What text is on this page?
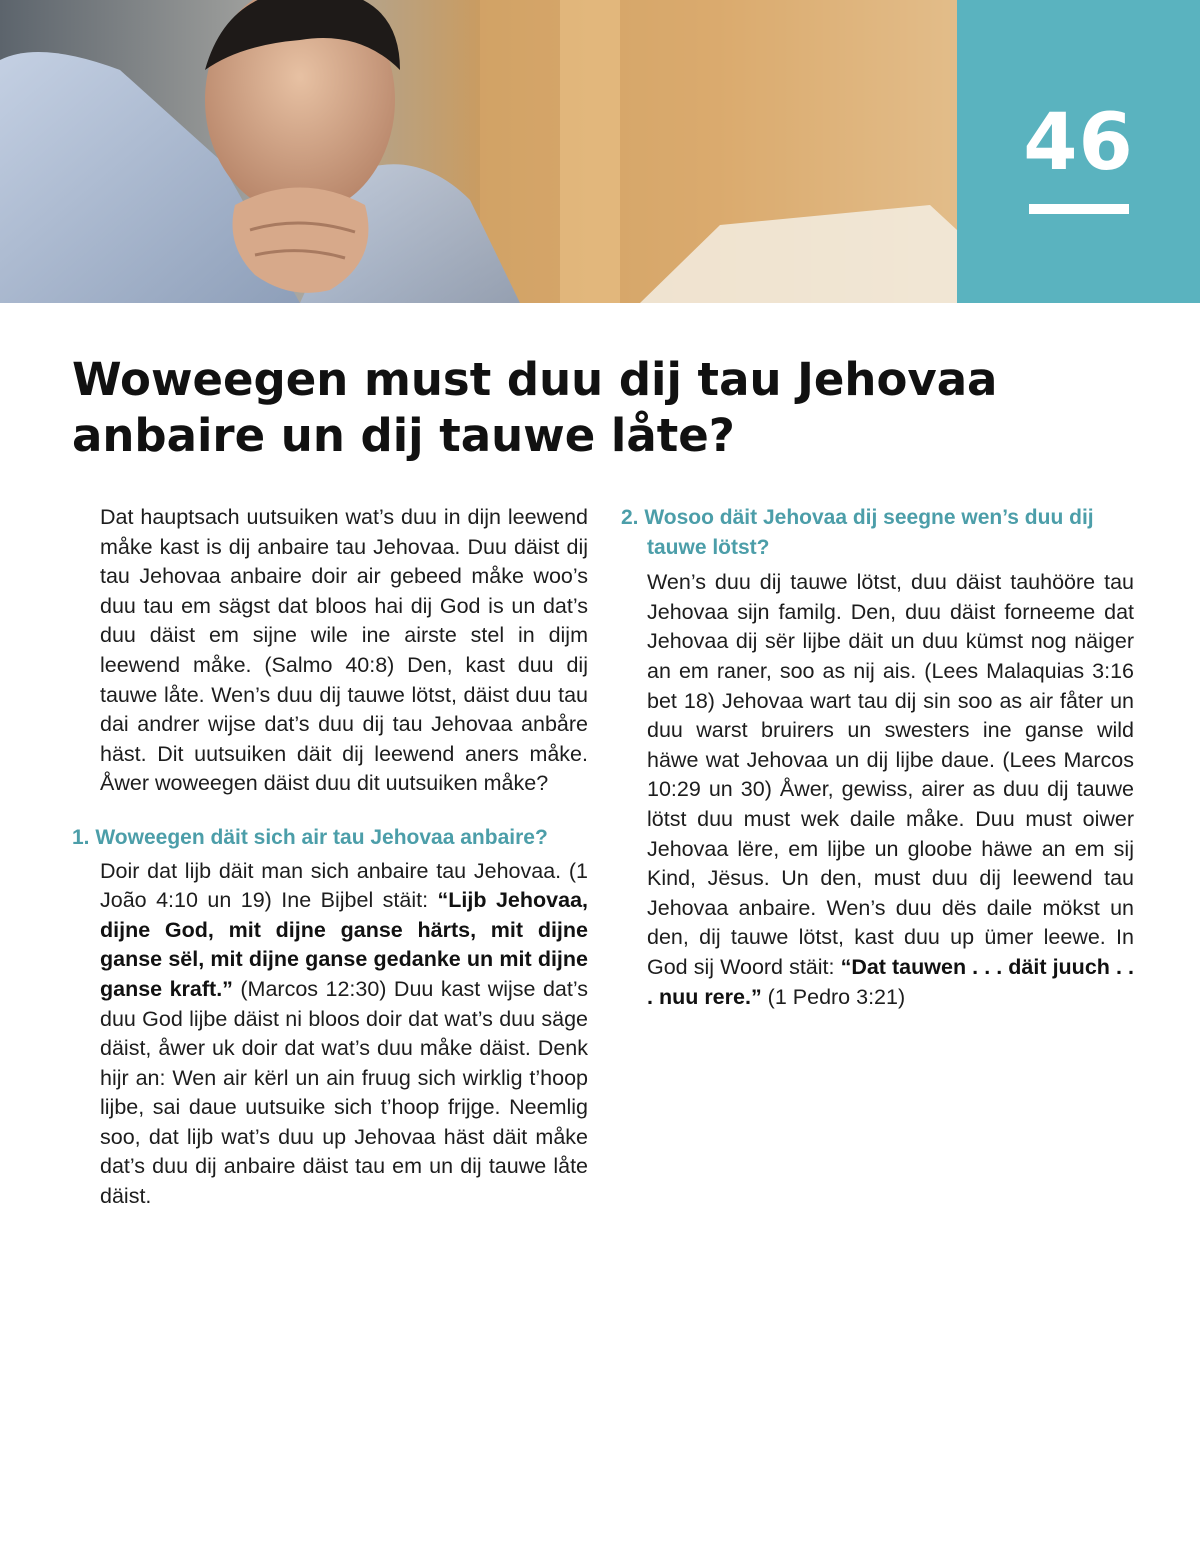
46
Woweegen must duu dij tau Jehovaa
anbaire un dij tauwe låte?

Dat hauptsach uutsuiken wat’s duu in dijn leewend måke kast is dij anbaire tau Jehovaa. Duu däist dij tau Jehovaa anbaire doir air gebeed måke woo’s duu tau em sägst dat bloos hai dij God is un dat’s duu däist em sijne wile ine airste stel in dijm leewend måke. (Salmo 40:8) Den, kast duu dij tauwe låte. Wen’s duu dij tauwe lötst, däist duu tau dai andrer wijse dat’s duu dij tau Jehovaa anbåre häst. Dit uutsuiken däit dij leewend aners måke. Åwer woweegen däist duu dit uutsuiken måke?

1. Woweegen däit sich air tau Jehovaa anbaire?

Doir dat lijb däit man sich anbaire tau Jehovaa. (1 João 4:10 un 19) Ine Bijbel stäit: “Lijb Jehovaa, dijne God, mit dijne ganse härts, mit dijne ganse sël, mit dijne ganse gedanke un mit dijne ganse kraft.” (Marcos 12:30) Duu kast wijse dat’s duu God lijbe däist ni bloos doir dat wat’s duu säge däist, åwer uk doir dat wat’s duu måke däist. Denk hijr an: Wen air kërl un ain fruug sich wirklig t’hoop lijbe, sai daue uutsuike sich t’hoop frijge. Neemlig soo, dat lijb wat’s duu up Jehovaa häst däit måke dat’s duu dij anbaire däist tau em un dij tauwe låte däist.

2. Wosoo däit Jehovaa dij seegne wen’s duu dij tauwe lötst?

Wen’s duu dij tauwe lötst, duu däist tauhööre tau Jehovaa sijn familg. Den, duu däist forneeme dat Jehovaa dij sër lijbe däit un duu kümst nog näiger an em raner, soo as nij ais. (Lees Malaquias 3:16 bet 18) Jehovaa wart tau dij sin soo as air fåter un duu warst bruirers un swesters ine ganse wild häwe wat Jehovaa un dij lijbe daue. (Lees Marcos 10:29 un 30) Åwer, gewiss, airer as duu dij tauwe lötst duu must wek daile måke. Duu must oiwer Jehovaa lëre, em lijbe un gloobe häwe an em sij Kind, Jësus. Un den, must duu dij leewend tau Jehovaa anbaire. Wen’s duu dës daile mökst un den, dij tauwe lötst, kast duu up ümer leewe. In God sij Woord stäit: “Dat tauwen . . . däit juuch . . . nuu rere.” (1 Pedro 3:21)
